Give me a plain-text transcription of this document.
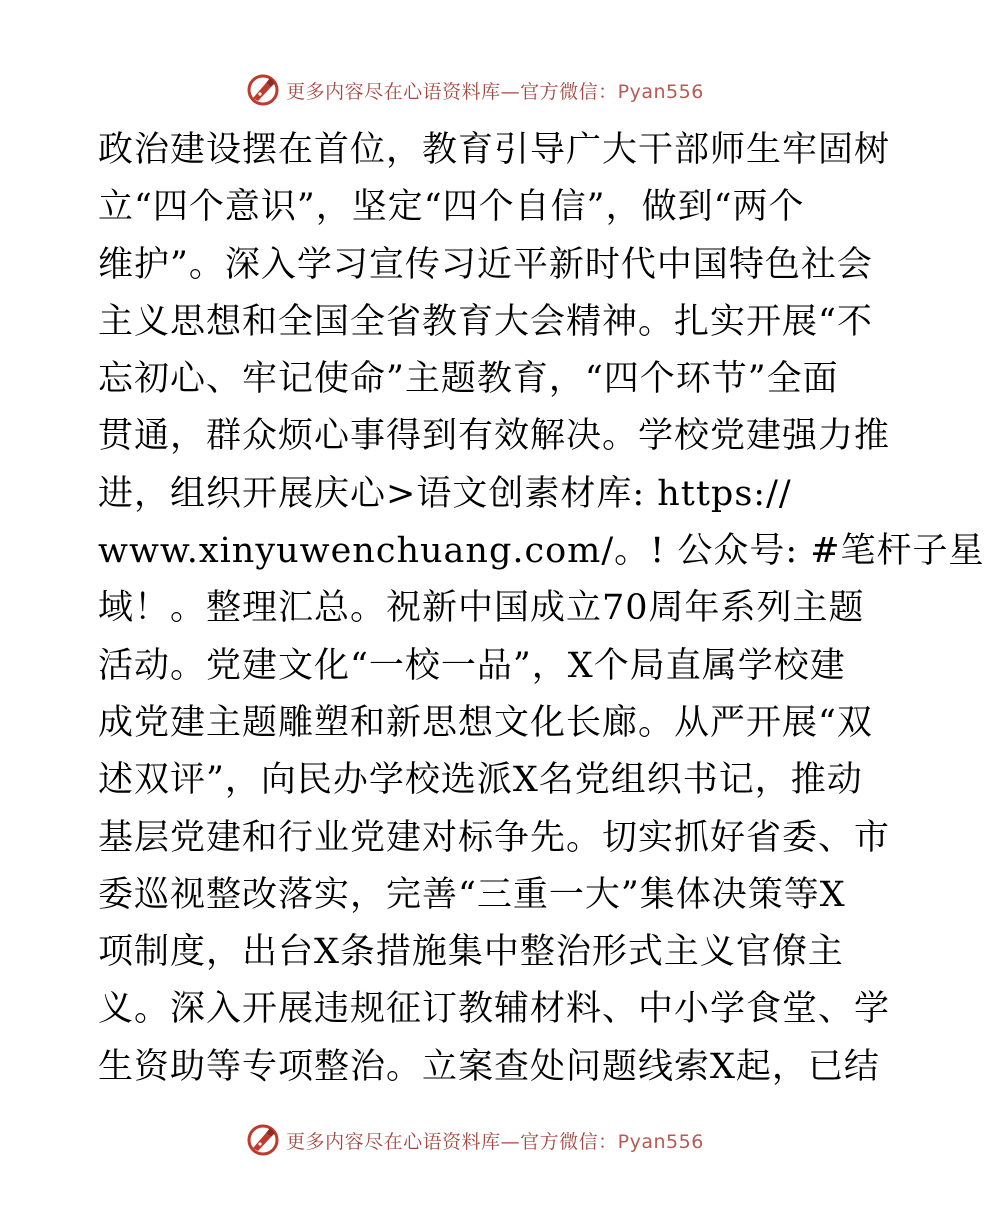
更多内容尽在心语资料库—官方微信：Pyan556
政治建设摆在首位，教育引导广大干部师生牢固树
立“四个意识”，坚定“四个自信”，做到“两个
维护”。深入学习宣传习近平新时代中国特色社会
主义思想和全国全省教育大会精神。扎实开展“不
忘初心、牢记使命”主题教育，“四个环节”全面
贯通，群众烦心事得到有效解决。学校党建强力推
进，组织开展庆心>语文创素材库: https://
www.xinyuwenchuang.com/。! 公众号: #笔杆子星
域！。整理汇总。祝新中国成立70周年系列主题
活动。党建文化“一校一品”，X个局直属学校建
成党建主题雕塑和新思想文化长廊。从严开展“双
述双评”，向民办学校选派X名党组织书记，推动
基层党建和行业党建对标争先。切实抓好省委、市
委巡视整改落实，完善“三重一大”集体决策等X
项制度，出台X条措施集中整治形式主义官僚主
义。深入开展违规征订教辅材料、中小学食堂、学
生资助等专项整治。立案查处问题线索X起，已结
更多内容尽在心语资料库—官方微信：Pyan556
